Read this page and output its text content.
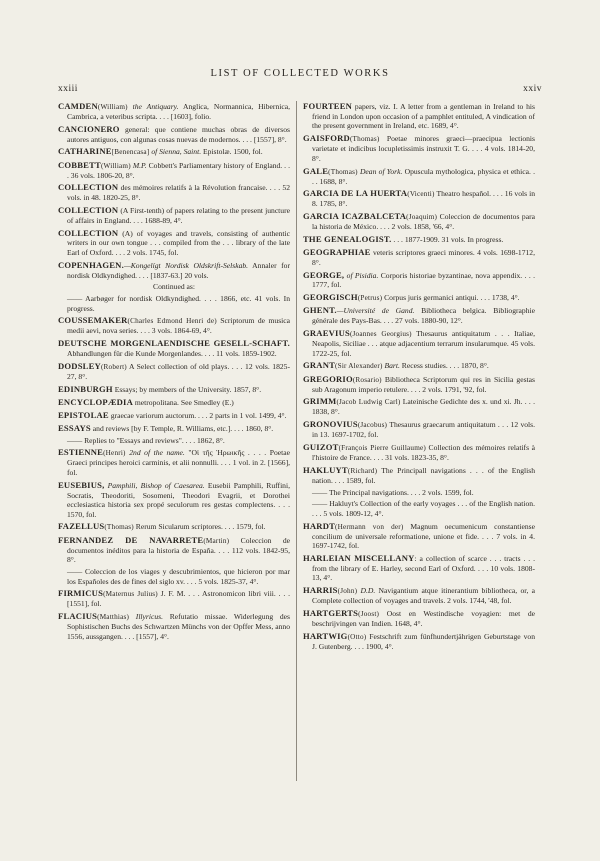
LIST OF COLLECTED WORKS
xxiii	xxiv
CAMDEN(William) the Antiquary. Anglica, Normannica, Hibernica, Cambrica, a veteribus scripta. . . . [1603], folio.
CANCIONERO general: que contiene muchas obras de diversos autores antiguos, con algunas cosas nuevas de modernos. . . . [1557], 8°.
CATHARINE[Benencasa] of Sienna, Saint. Epistolæ. 1500, fol.
COBBETT(William) M.P. Cobbett's Parliamentary history of England. . . . 36 vols. 1806-20, 8°.
COLLECTION des mémoires relatifs à la Révolution francaise. . . . 52 vols. in 48. 1820-25, 8°.
COLLECTION (A First-tenth) of papers relating to the present juncture of affairs in England. . . . 1688-89, 4°.
COLLECTION (A) of voyages and travels, consisting of authentic writers in our own tongue . . . compiled from the . . . library of the late Earl of Oxford. . . . 2 vols. 1745, fol.
COPENHAGEN.—Kongelígt Nordisk Oldskrift-Selskab. Annaler for nordisk Oldkyndighed. . . . [1837-63.] 20 vols.
Continued as:
—— Aarbøger for nordisk Oldkyndighed. . . . 1866, etc. 41 vols. In progress.
COUSSEMAKER(Charles Edmond Henri de) Scriptorum de musica medii aevi, nova series. . . . 3 vols. 1864-69, 4°.
DEUTSCHE MORGENLAENDISCHE GESELL-SCHAFT. Abhandlungen für die Kunde Morgenlandes. . . . 11 vols. 1859-1902.
DODSLEY(Robert) A Select collection of old plays. . . . 12 vols. 1825-27, 8°.
EDINBURGH Essays; by members of the University. 1857, 8°.
ENCYCLOPÆDIA metropolitana. See Smedley (E.)
EPISTOLAE graecae variorum auctorum. . . . 2 parts in 1 vol. 1499, 4°.
ESSAYS and reviews [by F. Temple, R. Williams, etc.]. . . . 1860, 8°.
—— Replies to "Essays and reviews". . . . 1862, 8°.
ESTIENNE(Henri) 2nd of the name. "Οἱ τῆς Ἡρωικῆς . . . . Poetae Graeci principes heroici carminis, et alii nonnulli. . . . 1 vol. in 2. [1566], fol.
EUSEBIUS, Pamphili, Bishop of Caesarea. Eusebii Pamphili, Ruffini, Socratis, Theodoriti, Sosomeni, Theodori Evagrii, et Dorothei ecclesiastica historia sex propé seculorum res gestas complectens. . . . 1570, fol.
FAZELLUS(Thomas) Rerum Sicularum scriptores. . . . 1579, fol.
FERNANDEZ DE NAVARRETE(Martin) Coleccion de documentos inéditos para la historia de España. . . . 112 vols. 1842-95, 8°.
—— Coleccion de los viages y descubrimientos, que hicieron por mar los Españoles des de fines del siglo xv. . . . 5 vols. 1825-37, 4°.
FIRMICUS(Maternus Julius) J. F. M. . . . Astronomicon libri viii. . . . [1551], fol.
FLACIUS(Matthias) Illyricus. Refutatio missae. Widerlegung des Sophistischen Buchs des Schwartzen Münchs von der Opffer Mess, anno 1556, aussgangen. . . . [1557], 4°.
FOURTEEN papers, viz. I. A letter from a gentleman in Ireland to his friend in London upon occasion of a pamphlet entituled, A vindication of the present government in Ireland, etc. 1689, 4°.
GAISFORD(Thomas) Poetae minores graeci—praecipua lectionis varietate et indicibus locupletissimis instruxit T. G. . . . 4 vols. 1814-20, 8°.
GALE(Thomas) Dean of York. Opuscula mythologica, physica et ethica. . . . 1688, 8°.
GARCIA DE LA HUERTA(Vicenti) Theatro hespañol. . . . 16 vols in 8. 1785, 8°.
GARCIA ICAZBALCETA(Joaquim) Coleccion de documentos para la historia de México. . . . 2 vols. 1858, '66, 4°.
THE GENEALOGIST. . . . 1877-1909. 31 vols. In progress.
GEOGRAPHIAE veteris scriptores graeci minores. 4 vols. 1698-1712, 8°.
GEORGE, of Pisidia. Corporis historiae byzantinae, nova appendix. . . . 1777, fol.
GEORGISCH(Petrus) Corpus juris germanici antiqui. . . . 1738, 4°.
GHENT.—Université de Gand. Bibliotheca belgica. Bibliographie générale des Pays-Bas. . . . 27 vols. 1880-90, 12°.
GRAEVIUS(Joannes Georgius) Thesaurus antiquitatum . . . Italiae, Neapolis, Siciliae . . . atque adjacentium terrarum insularumque. 45 vols. 1722-25, fol.
GRANT(Sir Alexander) Bart. Recess studies. . . . 1870, 8°.
GREGORIO(Rosario) Bibliotheca Scriptorum qui res in Sicilia gestas sub Aragonum imperio retulere. . . . 2 vols. 1791, '92, fol.
GRIMM(Jacob Ludwig Carl) Lateinische Gedichte des x. und xi. Jh. . . . 1838, 8°.
GRONOVIUS(Jacobus) Thesaurus graecarum antiquitatum . . . 12 vols. in 13. 1697-1702, fol.
GUIZOT(François Pierre Guillaume) Collection des mémoires relatifs à l'histoire de France. . . . 31 vols. 1823-35, 8°.
HAKLUYT(Richard) The Principall navigations . . . of the English nation. . . . 1589, fol.
—— The Principal navigations. . . . 2 vols. 1599, fol.
—— Hakluyt's Collection of the early voyages . . . of the English nation. . . . 5 vols. 1809-12, 4°.
HARDT(Hermann von der) Magnum oecumenicum constantiense concilium de universale reformatione, unione et fide. . . . 7 vols. in 4. 1697-1742, fol.
HARLEIAN MISCELLANY: a collection of scarce . . . tracts . . . from the library of E. Harley, second Earl of Oxford. . . . 10 vols. 1808-13, 4°.
HARRIS(John) D.D. Navigantium atque itinerantium bibliotheca, or, a Complete collection of voyages and travels. 2 vols. 1744, '48, fol.
HARTGERTS(Joost) Oost en Westindische voyagien: met de beschrijvingen van Indien. 1648, 4°.
HARTWIG(Otto) Festschrift zum fünfhundertjährigen Geburtstage von J. Gutenberg. . . . 1900, 4°.
